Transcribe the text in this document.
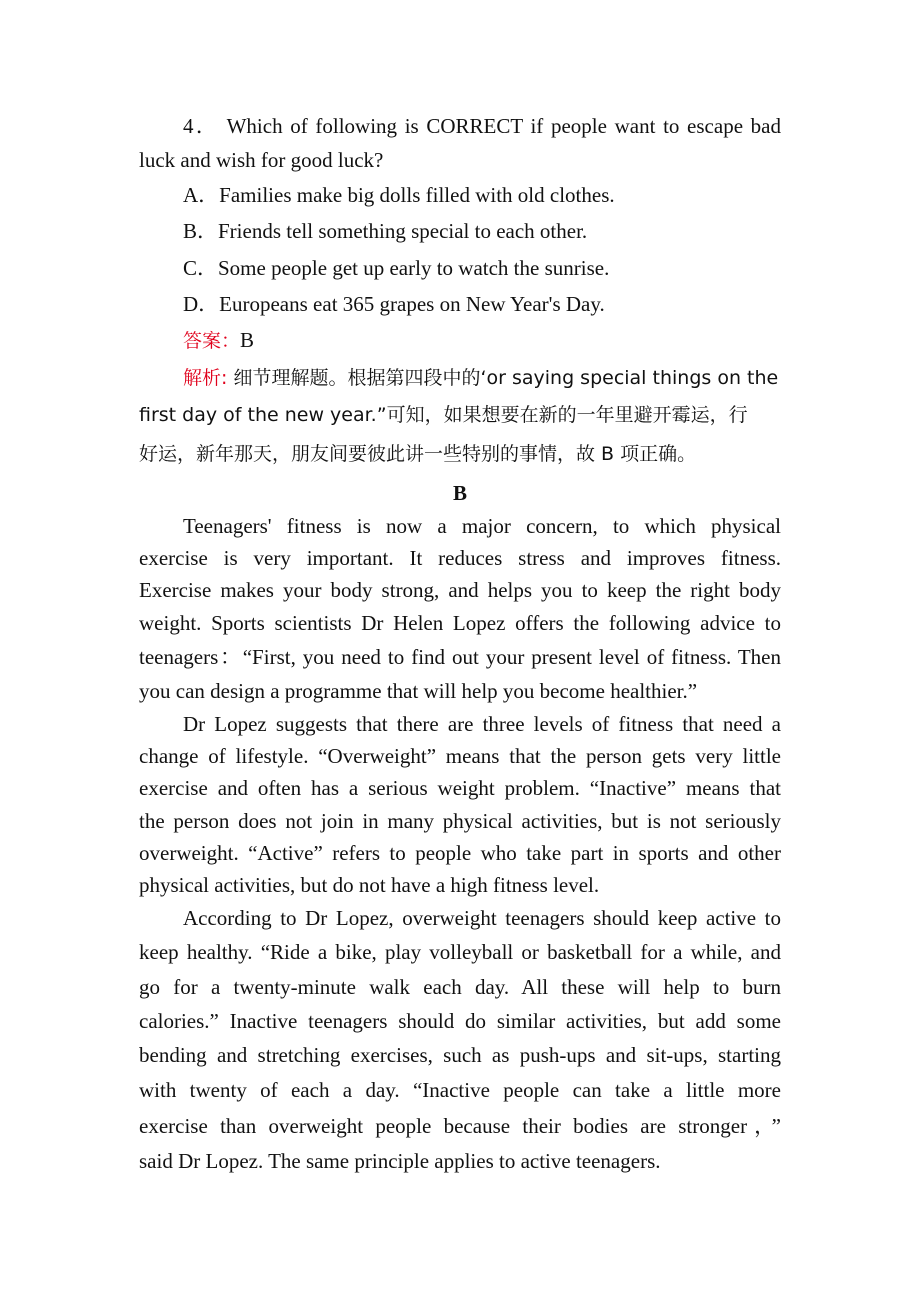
4． Which of following is CORRECT if people want to escape bad
luck and wish for good luck?
A．Families make big dolls filled with old clothes.
B．Friends tell something special to each other.
C．Some people get up early to watch the sunrise.
D．Europeans eat 365 grapes on New Year's Day.
答案：B
解析: 细节理解题。根据第四段中的‘or saying special things on the
first day of the new year.”可知，如果想要在新的一年里避开霉运，行
好运，新年那天，朋友间要彼此讲一些特别的事情，故 B 项正确。
B
Teenagers' fitness is now a major concern, to which physical
exercise is very important. It reduces stress and improves fitness.
Exercise makes your body strong, and helps you to keep the right body
weight. Sports scientists Dr Helen Lopez offers the following advice to
teenagers：“First, you need to find out your present level of fitness. Then
you can design a programme that will help you become healthier.”
Dr Lopez suggests that there are three levels of fitness that need a
change of lifestyle. “Overweight” means that the person gets very little
exercise and often has a serious weight problem. “Inactive” means that
the person does not join in many physical activities, but is not seriously
overweight. “Active” refers to people who take part in sports and other
physical activities, but do not have a high fitness level.
According to Dr Lopez, overweight teenagers should keep active to
keep healthy. “Ride a bike, play volleyball or basketball for a while, and
go for a twenty-minute walk each day. All these will help to burn
calories.” Inactive teenagers should do similar activities, but add some
bending and stretching exercises, such as push-ups and sit-ups, starting
with twenty of each a day. “Inactive people can take a little more
exercise than overweight people because their bodies are stronger，”
said Dr Lopez. The same principle applies to active teenagers.
